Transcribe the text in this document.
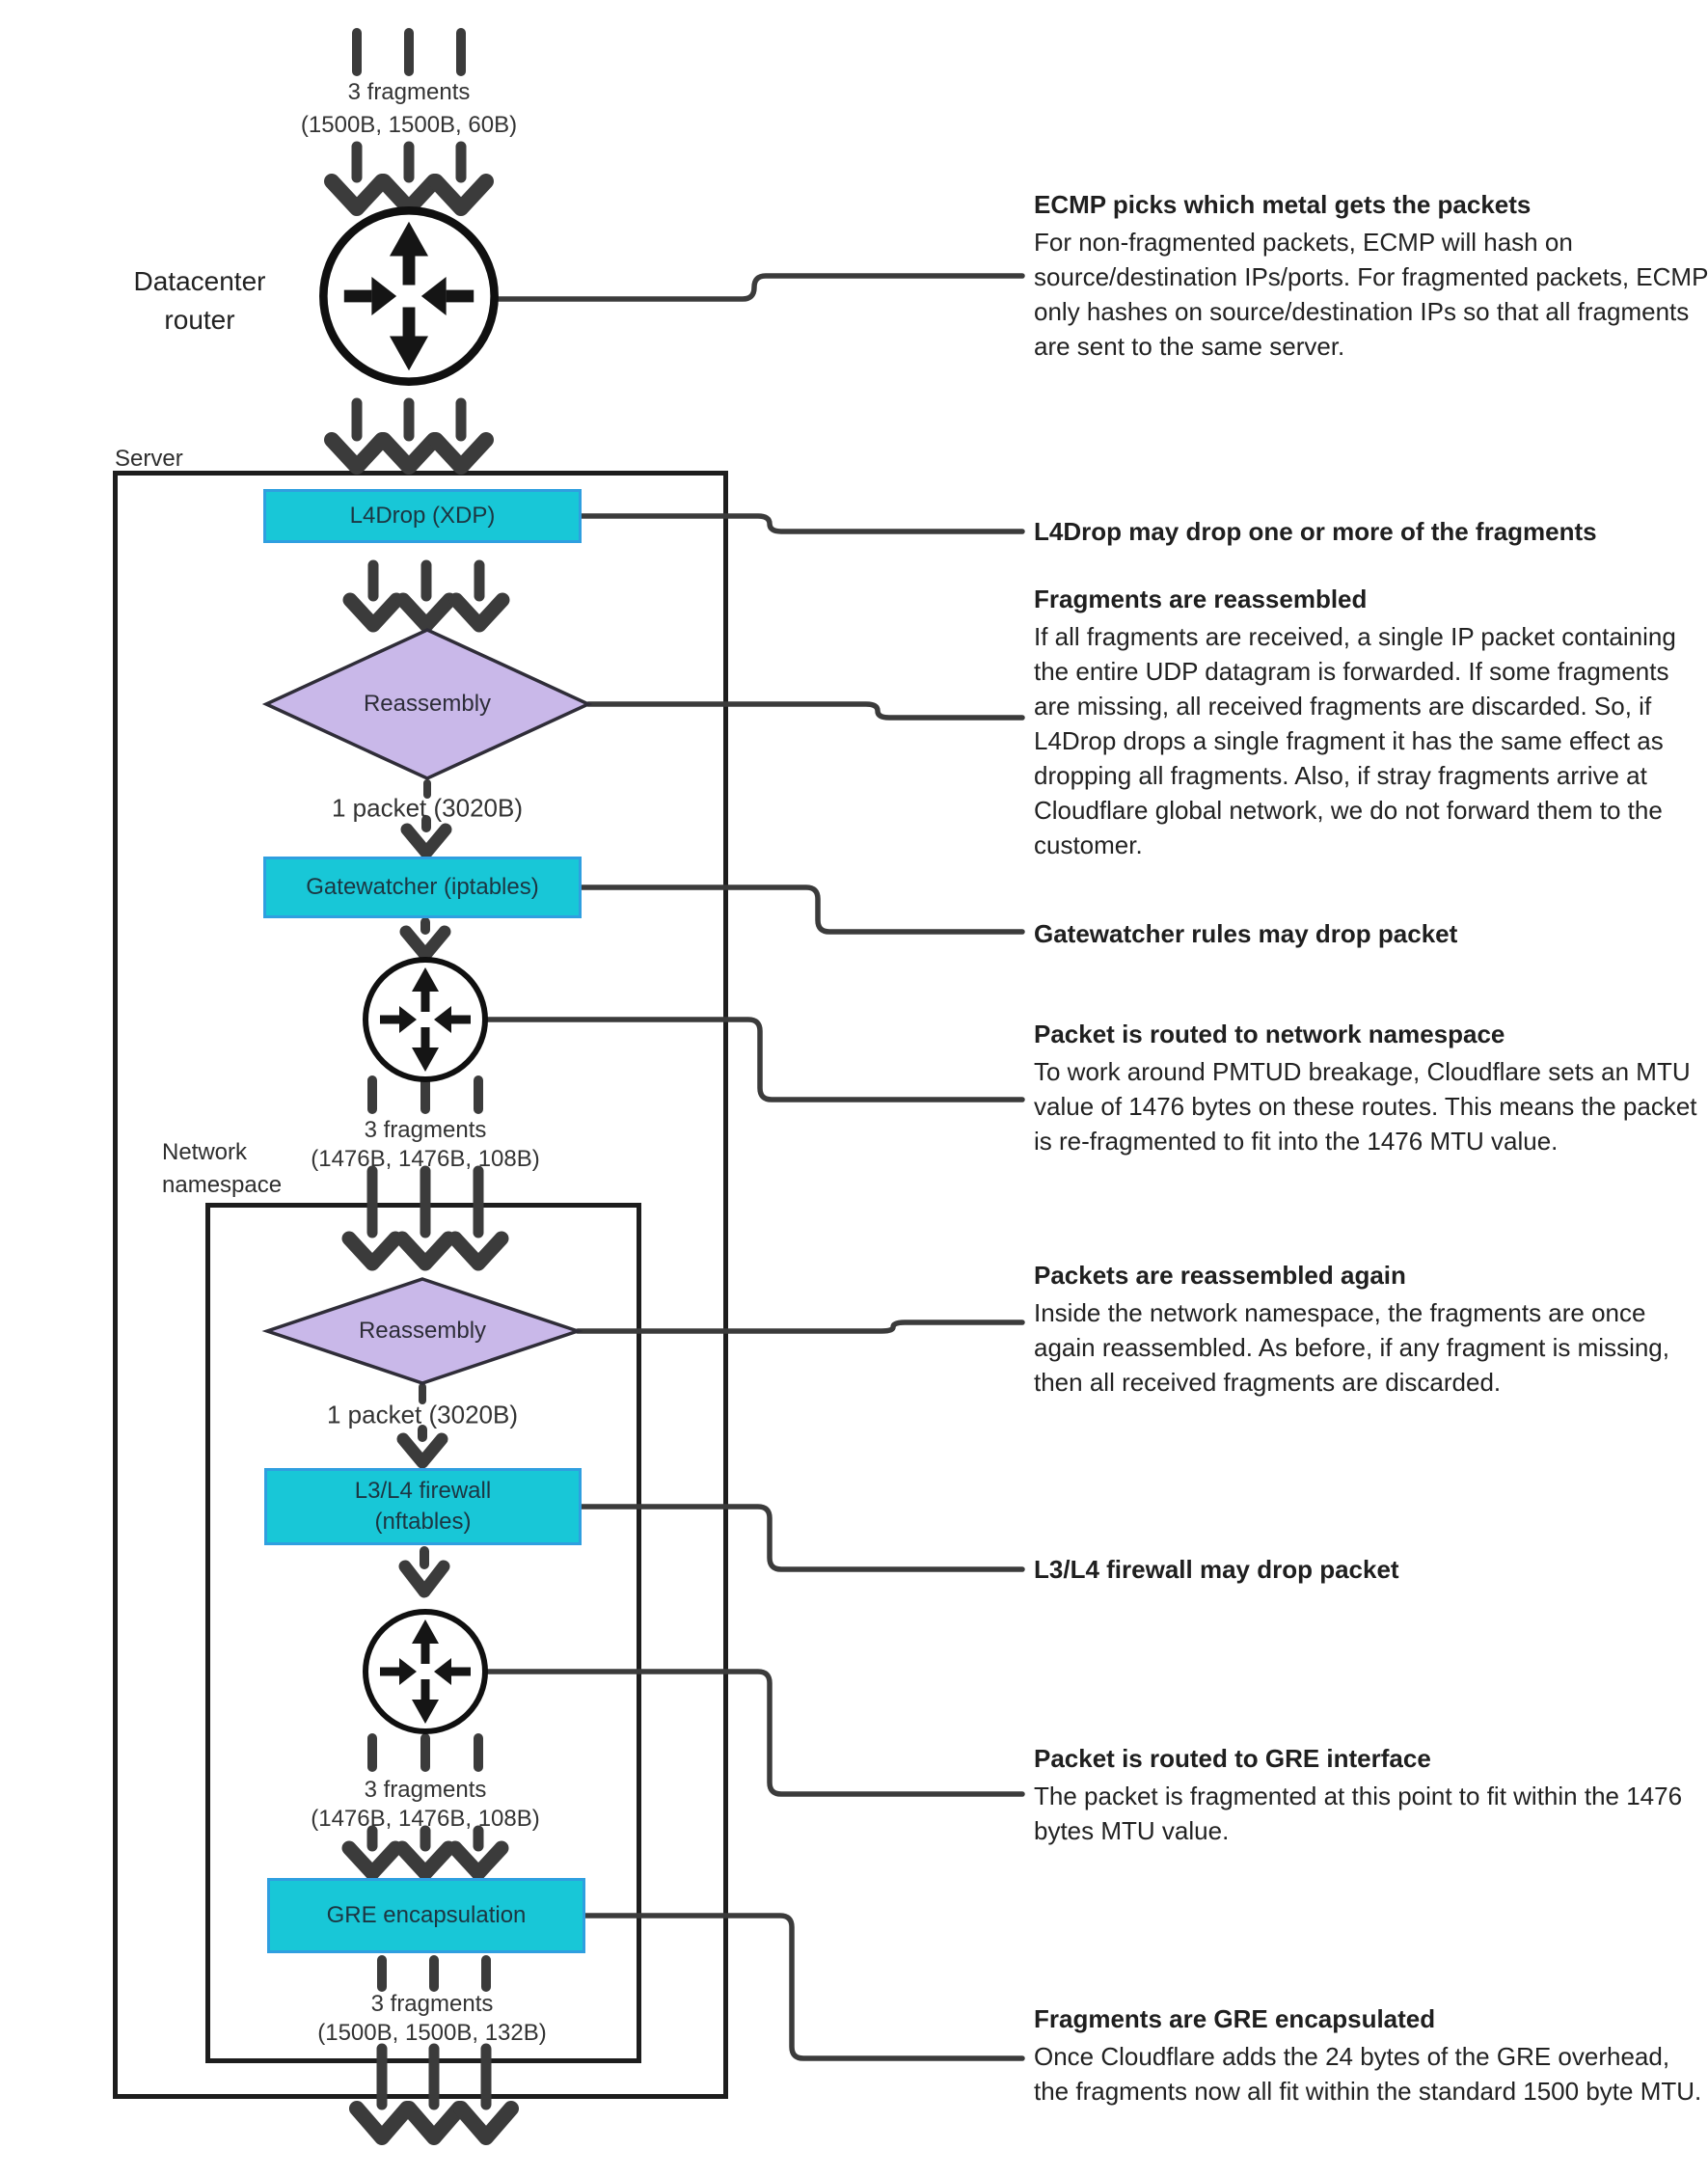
L4Drop (XDP)
Gatewatcher (iptables)
L3/L4 firewall
(nftables)
GRE encapsulation
Reassembly
Reassembly
3 fragments
(1500B, 1500B, 60B)
1 packet (3020B)
3 fragments
(1476B, 1476B, 108B)
1 packet (3020B)
3 fragments
(1476B, 1476B, 108B)
3 fragments
(1500B, 1500B, 132B)
Datacenter router
Server
Network namespace
ECMP picks which metal gets the packets

For non-fragmented packets, ECMP will hash on source/destination IPs/ports. For fragmented packets, ECMP only hashes on source/destination IPs so that all fragments are sent to the same server.

L4Drop may drop one or more of the fragments
Fragments are reassembled

If all fragments are received, a single IP packet containing the entire UDP datagram is forwarded. If some fragments are missing, all received fragments are discarded. So, if L4Drop drops a single fragment it has the same effect as dropping all fragments. Also, if stray fragments arrive at Cloudflare global network, we do not forward them to the customer.

Gatewatcher rules may drop packet
Packet is routed to network namespace

To work around PMTUD breakage, Cloudflare sets an MTU value of 1476 bytes on these routes. This means the packet is re-fragmented to fit into the 1476 MTU value.

Packets are reassembled again

Inside the network namespace, the fragments are once again reassembled. As before, if any fragment is missing, then all received fragments are discarded.

L3/L4 firewall may drop packet
Packet is routed to GRE interface

The packet is fragmented at this point to fit within the 1476 bytes MTU value.

Fragments are GRE encapsulated

Once Cloudflare adds the 24 bytes of the GRE overhead, the fragments now all fit within the standard 1500 byte MTU.
